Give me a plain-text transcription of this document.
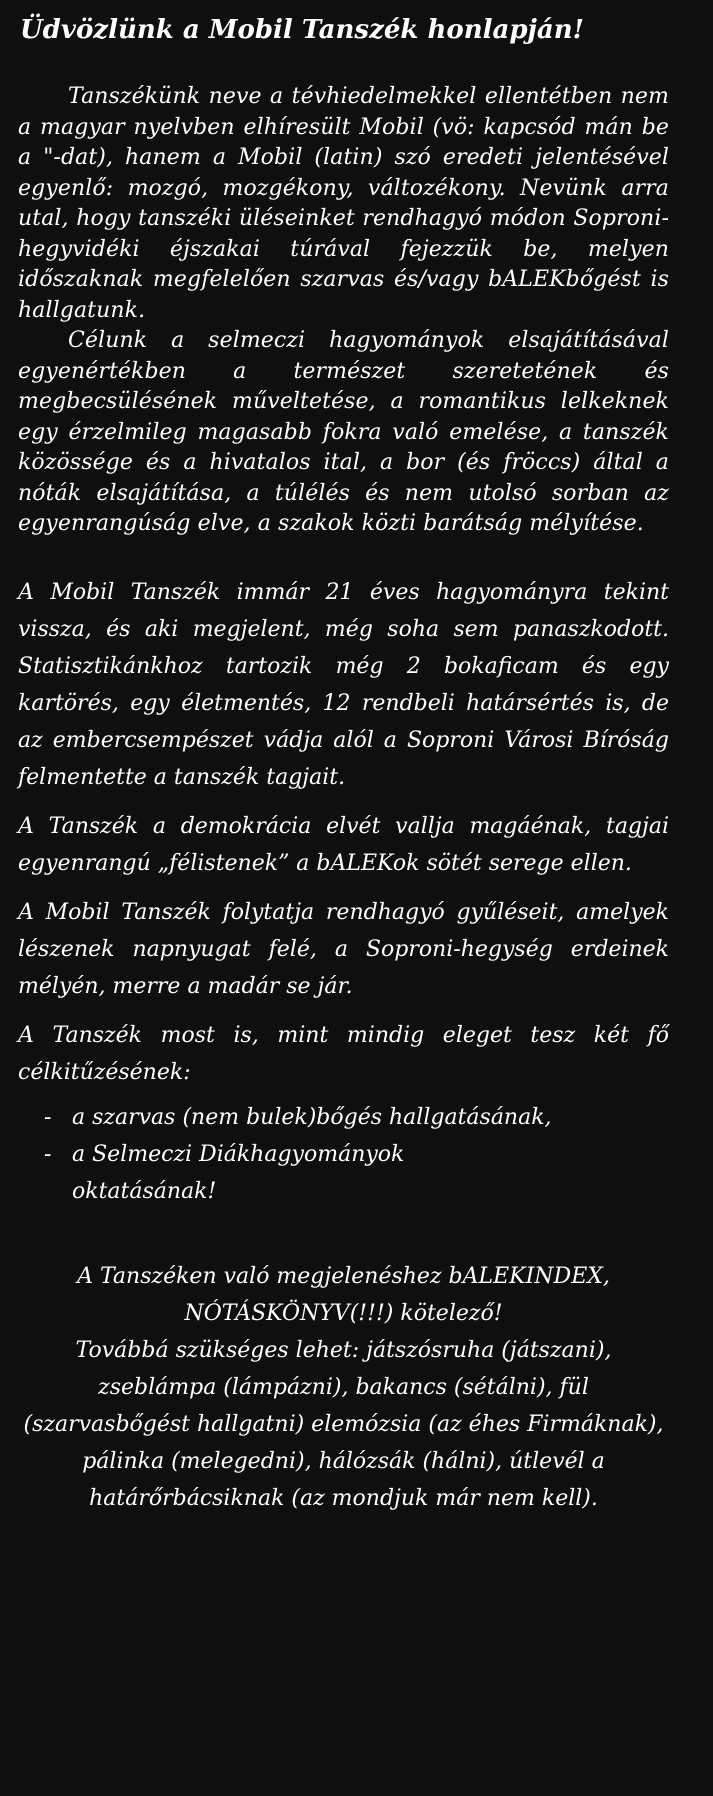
Üdvözlünk a Mobil Tanszék honlapján!

Tanszékünk neve a tévhiedelmekkel ellentétben nem a magyar nyelvben elhíresült Mobil (vö: kapcsód mán be a "-dat), hanem a Mobil (latin) szó eredeti jelentésével egyenlő: mozgó, mozgékony, változékony. Nevünk arra utal, hogy tanszéki üléseinket rendhagyó módon Soproni-hegyvidéki éjszakai túrával fejezzük be, melyen időszaknak megfelelően szarvas és/vagy bALEKbőgést is hallgatunk.

Célunk a selmeczi hagyományok elsajátításával egyenértékben a természet szeretetének és megbecsülésének műveltetése, a romantikus lelkeknek egy érzelmileg magasabb fokra való emelése, a tanszék közössége és a hivatalos ital, a bor (és fröccs) által a nóták elsajátítása, a túlélés és nem utolsó sorban az egyenrangúság elve, a szakok közti barátság mélyítése.

A Mobil Tanszék immár 21 éves hagyományra tekint vissza, és aki megjelent, még soha sem panaszkodott. Statisztikánkhoz tartozik még 2 bokaficam és egy kartörés, egy életmentés, 12 rendbeli határsértés is, de az embercsempészet vádja alól a Soproni Városi Bíróság felmentette a tanszék tagjait.

A Tanszék a demokrácia elvét vallja magáénak, tagjai egyenrangú „félistenek” a bALEKok sötét serege ellen.

A Mobil Tanszék folytatja rendhagyó gyűléseit, amelyek lészenek napnyugat felé, a Soproni-hegység erdeinek mélyén, merre a madár se jár.

A Tanszék most is, mint mindig eleget tesz két fő célkitűzésének:

- a szarvas (nem bulek)bőgés hallgatásának,
- a Selmeczi Diákhagyományok oktatásának!

A Tanszéken való megjelenéshez bALEKINDEX, NÓTÁSKÖNYV(!!!) kötelező!

Továbbá szükséges lehet: játszósruha (játszani), zseblámpa (lámpázni), bakancs (sétálni), fül (szarvasbőgést hallgatni) elemózsia (az éhes Firmáknak), pálinka (melegedni), hálózsák (hálni), útlevél a határőrbácsiknak (az mondjuk már nem kell).
